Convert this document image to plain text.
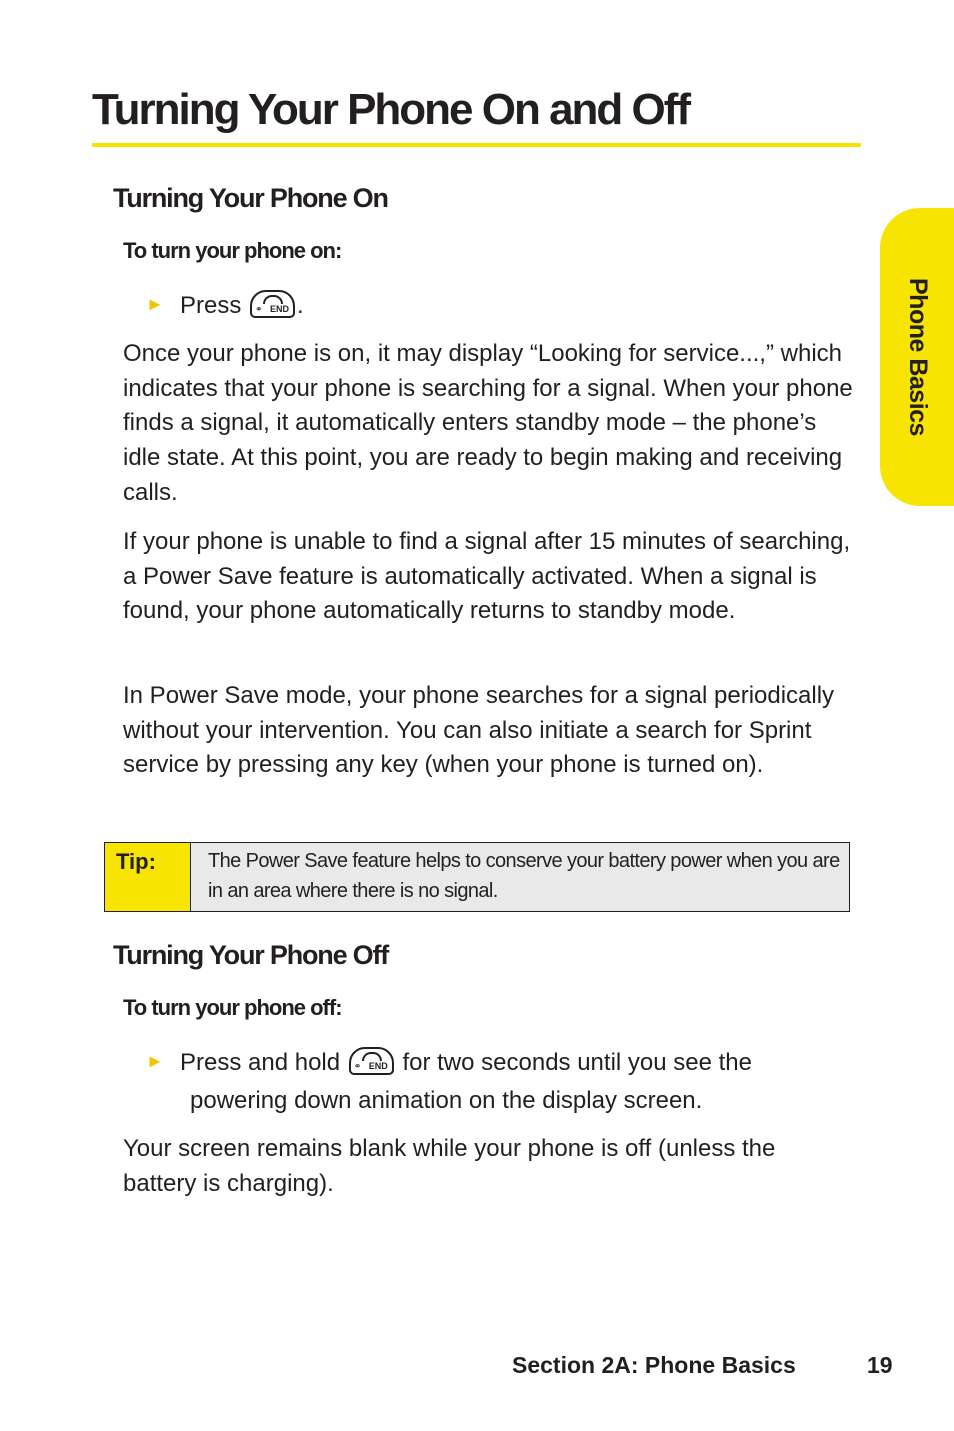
Turning Your Phone On and Off
Phone Basics
Turning Your Phone On

To turn your phone on:

► Press ⚭ END .

Once your phone is on, it may display “Looking for service...,” which indicates that your phone is searching for a signal. When your phone finds a signal, it automatically enters standby mode – the phone’s idle state. At this point, you are ready to begin making and receiving calls.

If your phone is unable to find a signal after 15 minutes of searching, a Power Save feature is automatically activated. When a signal is found, your phone automatically returns to standby mode.

In Power Save mode, your phone searches for a signal periodically without your intervention. You can also initiate a search for Sprint service by pressing any key (when your phone is turned on).

Tip:	The Power Save feature helps to conserve your battery power when you are in an area where there is no signal.
Turning Your Phone Off

To turn your phone off:

► Press and hold ⚭ END for two seconds until you see the
powering down animation on the display screen.

Your screen remains blank while your phone is off (unless the battery is charging).

Section 2A: Phone Basics	19
